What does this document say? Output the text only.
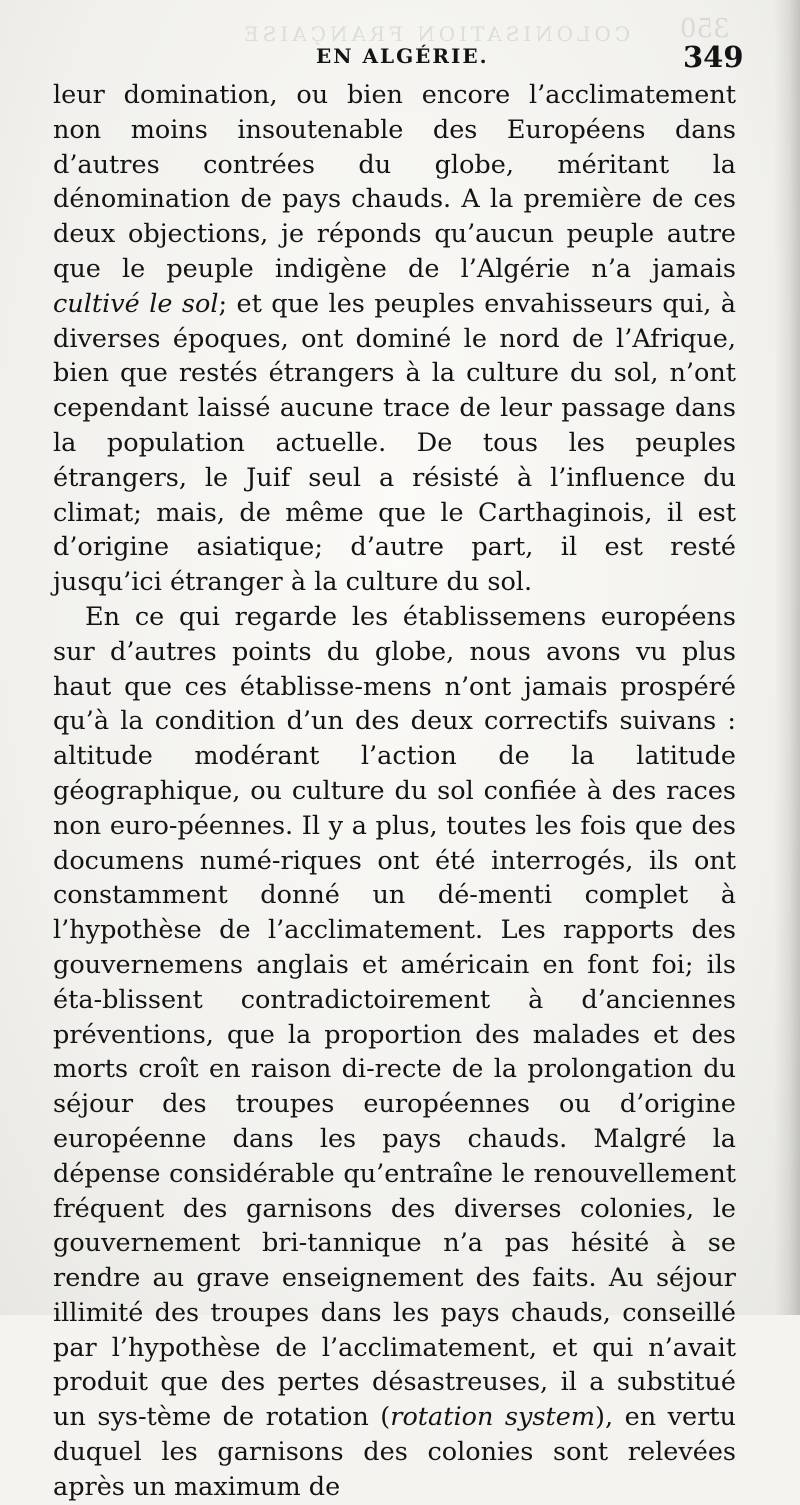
COLONISATION FRANÇAISE 350
EN ALGÉRIE.	349

leur domination, ou bien encore l’acclimatement non moins insoutenable des Européens dans d’autres contrées du globe, méritant la dénomination de pays chauds. A la première de ces deux objections, je réponds qu’aucun peuple autre que le peuple indigène de l’Algérie n’a jamais cultivé le sol; et que les peuples envahisseurs qui, à diverses époques, ont dominé le nord de l’Afrique, bien que restés étrangers à la culture du sol, n’ont cependant laissé aucune trace de leur passage dans la population actuelle. De tous les peuples étrangers, le Juif seul a résisté à l’influence du climat; mais, de même que le Carthaginois, il est d’origine asiatique; d’autre part, il est resté jusqu’ici étranger à la culture du sol.

En ce qui regarde les établissemens européens sur d’autres points du globe, nous avons vu plus haut que ces établisse-mens n’ont jamais prospéré qu’à la condition d’un des deux correctifs suivans : altitude modérant l’action de la latitude géographique, ou culture du sol confiée à des races non euro-péennes. Il y a plus, toutes les fois que des documens numé-riques ont été interrogés, ils ont constamment donné un dé-menti complet à l’hypothèse de l’acclimatement. Les rapports des gouvernemens anglais et américain en font foi; ils éta-blissent contradictoirement à d’anciennes préventions, que la proportion des malades et des morts croît en raison di-recte de la prolongation du séjour des troupes européennes ou d’origine européenne dans les pays chauds. Malgré la dépense considérable qu’entraîne le renouvellement fréquent des garnisons des diverses colonies, le gouvernement bri-tannique n’a pas hésité à se rendre au grave enseignement des faits. Au séjour illimité des troupes dans les pays chauds, conseillé par l’hypothèse de l’acclimatement, et qui n’avait produit que des pertes désastreuses, il a substitué un sys-tème de rotation (rotation system), en vertu duquel les garnisons des colonies sont relevées après un maximum de
